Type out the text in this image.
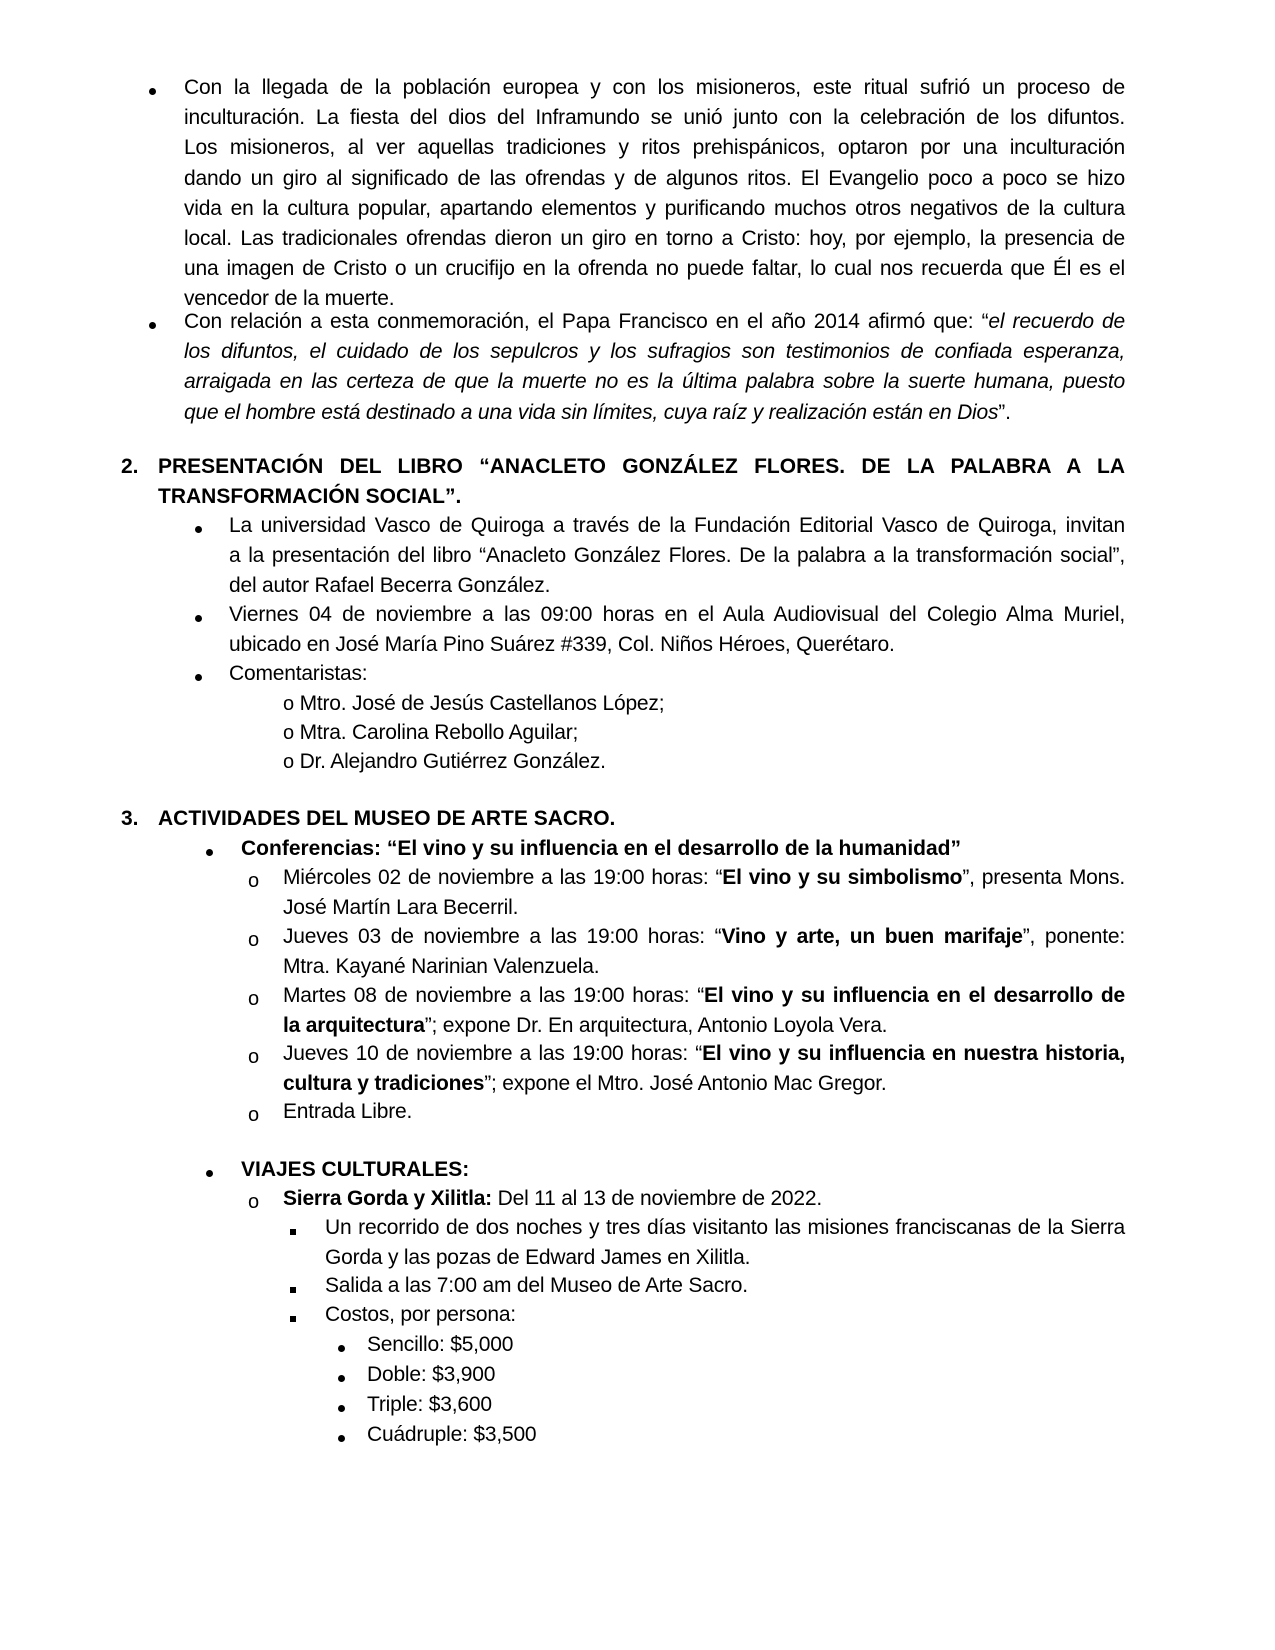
Con la llegada de la población europea y con los misioneros, este ritual sufrió un proceso de
inculturación. La fiesta del dios del Inframundo se unió junto con la celebración de los difuntos.
Los misioneros, al ver aquellas tradiciones y ritos prehispánicos, optaron por una inculturación
dando un giro al significado de las ofrendas y de algunos ritos. El Evangelio poco a poco se hizo
vida en la cultura popular, apartando elementos y purificando muchos otros negativos de la cultura
local. Las tradicionales ofrendas dieron un giro en torno a Cristo: hoy, por ejemplo, la presencia de
una imagen de Cristo o un crucifijo en la ofrenda no puede faltar, lo cual nos recuerda que Él es el
vencedor de la muerte.
Con relación a esta conmemoración, el Papa Francisco en el año 2014 afirmó que: “el recuerdo de
los difuntos, el cuidado de los sepulcros y los sufragios son testimonios de confiada esperanza,
arraigada en las certeza de que la muerte no es la última palabra sobre la suerte humana, puesto
que el hombre está destinado a una vida sin límites, cuya raíz y realización están en Dios”.
2. PRESENTACIÓN DEL LIBRO “ANACLETO GONZÁLEZ FLORES. DE LA PALABRA A LA
TRANSFORMACIÓN SOCIAL”.
La universidad Vasco de Quiroga a través de la Fundación Editorial Vasco de Quiroga, invitan
a la presentación del libro “Anacleto González Flores. De la palabra a la transformación social”,
del autor Rafael Becerra González.
Viernes 04 de noviembre a las 09:00 horas en el Aula Audiovisual del Colegio Alma Muriel,
ubicado en José María Pino Suárez #339, Col. Niños Héroes, Querétaro.
Comentaristas:
o Mtro. José de Jesús Castellanos López;
o Mtra. Carolina Rebollo Aguilar;
o Dr. Alejandro Gutiérrez González.
3. ACTIVIDADES DEL MUSEO DE ARTE SACRO.
Conferencias: “El vino y su influencia en el desarrollo de la humanidad”
o Miércoles 02 de noviembre a las 19:00 horas: “El vino y su simbolismo”, presenta Mons.
José Martín Lara Becerril.
o Jueves 03 de noviembre a las 19:00 horas: “Vino y arte, un buen marifaje”, ponente:
Mtra. Kayané Narinian Valenzuela.
o Martes 08 de noviembre a las 19:00 horas: “El vino y su influencia en el desarrollo de
la arquitectura”; expone Dr. En arquitectura, Antonio Loyola Vera.
o Jueves 10 de noviembre a las 19:00 horas: “El vino y su influencia en nuestra historia,
cultura y tradiciones”; expone el Mtro. José Antonio Mac Gregor.
o Entrada Libre.
VIAJES CULTURALES:
o Sierra Gorda y Xilitla: Del 11 al 13 de noviembre de 2022.
Un recorrido de dos noches y tres días visitanto las misiones franciscanas de la Sierra
Gorda y las pozas de Edward James en Xilitla.
Salida a las 7:00 am del Museo de Arte Sacro.
Costos, por persona:
Sencillo: $5,000
Doble: $3,900
Triple: $3,600
Cuádruple: $3,500
